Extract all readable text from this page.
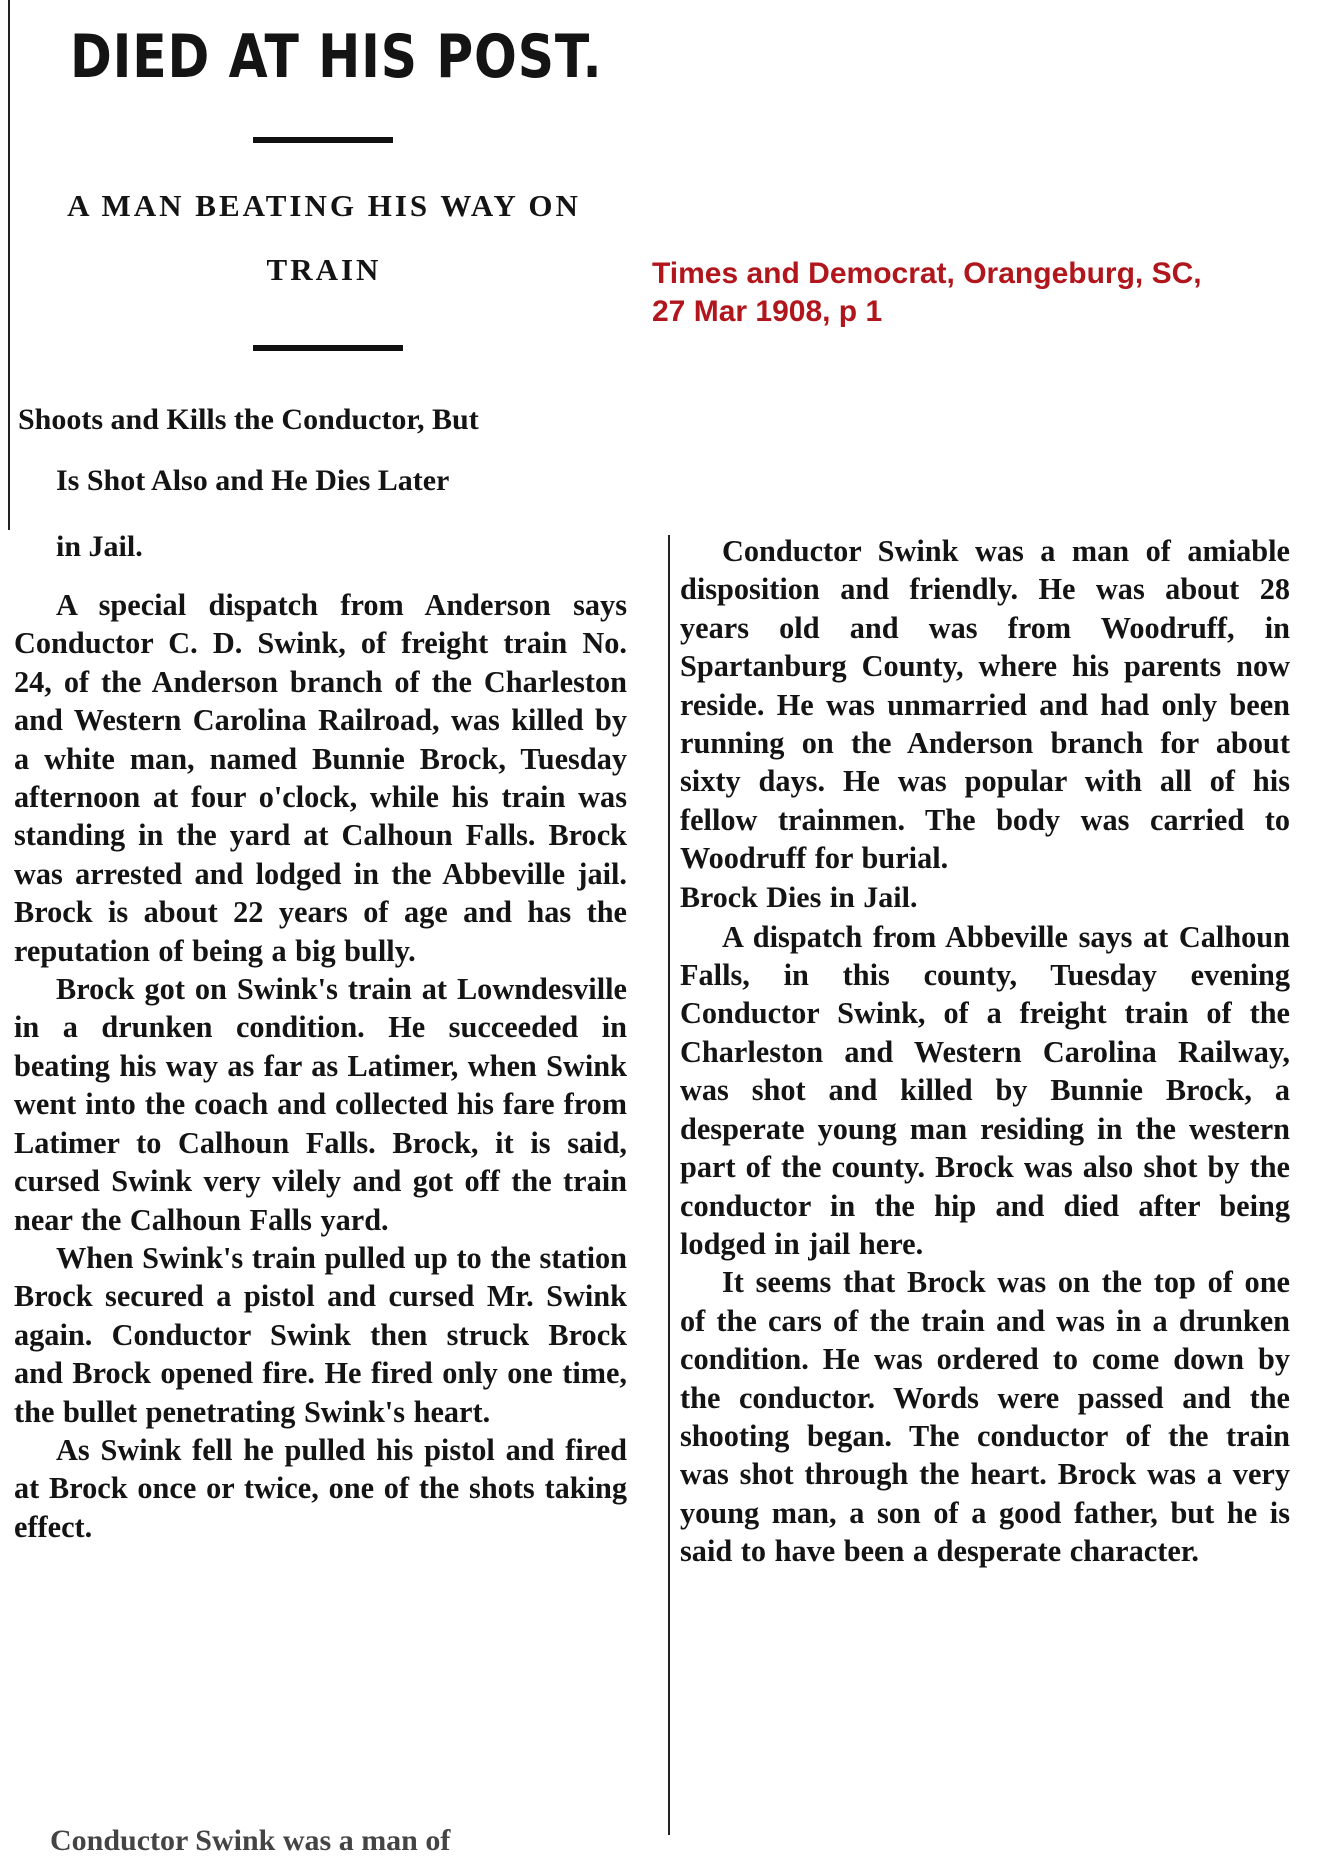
DIED AT HIS POST.
A MAN BEATING HIS WAY ON
TRAIN
Shoots and Kills the Conductor, But
Is Shot Also and He Dies Later
in Jail.
Times and Democrat, Orangeburg, SC,
27 Mar 1908, p 1

A special dispatch from Anderson says Conductor C. D. Swink, of freight train No. 24, of the Anderson branch of the Charleston and Western Carolina Railroad, was killed by a white man, named Bunnie Brock, Tuesday afternoon at four o'clock, while his train was standing in the yard at Calhoun Falls. Brock was arrested and lodged in the Abbeville jail. Brock is about 22 years of age and has the reputation of being a big bully.

Brock got on Swink's train at Lowndesville in a drunken condition. He succeeded in beating his way as far as Latimer, when Swink went into the coach and collected his fare from Latimer to Calhoun Falls. Brock, it is said, cursed Swink very vilely and got off the train near the Calhoun Falls yard.

When Swink's train pulled up to the station Brock secured a pistol and cursed Mr. Swink again. Conductor Swink then struck Brock and Brock opened fire. He fired only one time, the bullet penetrating Swink's heart.

As Swink fell he pulled his pistol and fired at Brock once or twice, one of the shots taking effect.

Conductor Swink was a man of

Conductor Swink was a man of amiable disposition and friendly. He was about 28 years old and was from Woodruff, in Spartanburg County, where his parents now reside. He was unmarried and had only been running on the Anderson branch for about sixty days. He was popular with all of his fellow trainmen. The body was carried to Woodruff for burial.

Brock Dies in Jail.

A dispatch from Abbeville says at Calhoun Falls, in this county, Tuesday evening Conductor Swink, of a freight train of the Charleston and Western Carolina Railway, was shot and killed by Bunnie Brock, a desperate young man residing in the western part of the county. Brock was also shot by the conductor in the hip and died after being lodged in jail here.

It seems that Brock was on the top of one of the cars of the train and was in a drunken condition. He was ordered to come down by the conductor. Words were passed and the shooting began. The conductor of the train was shot through the heart. Brock was a very young man, a son of a good father, but he is said to have been a desperate character.
